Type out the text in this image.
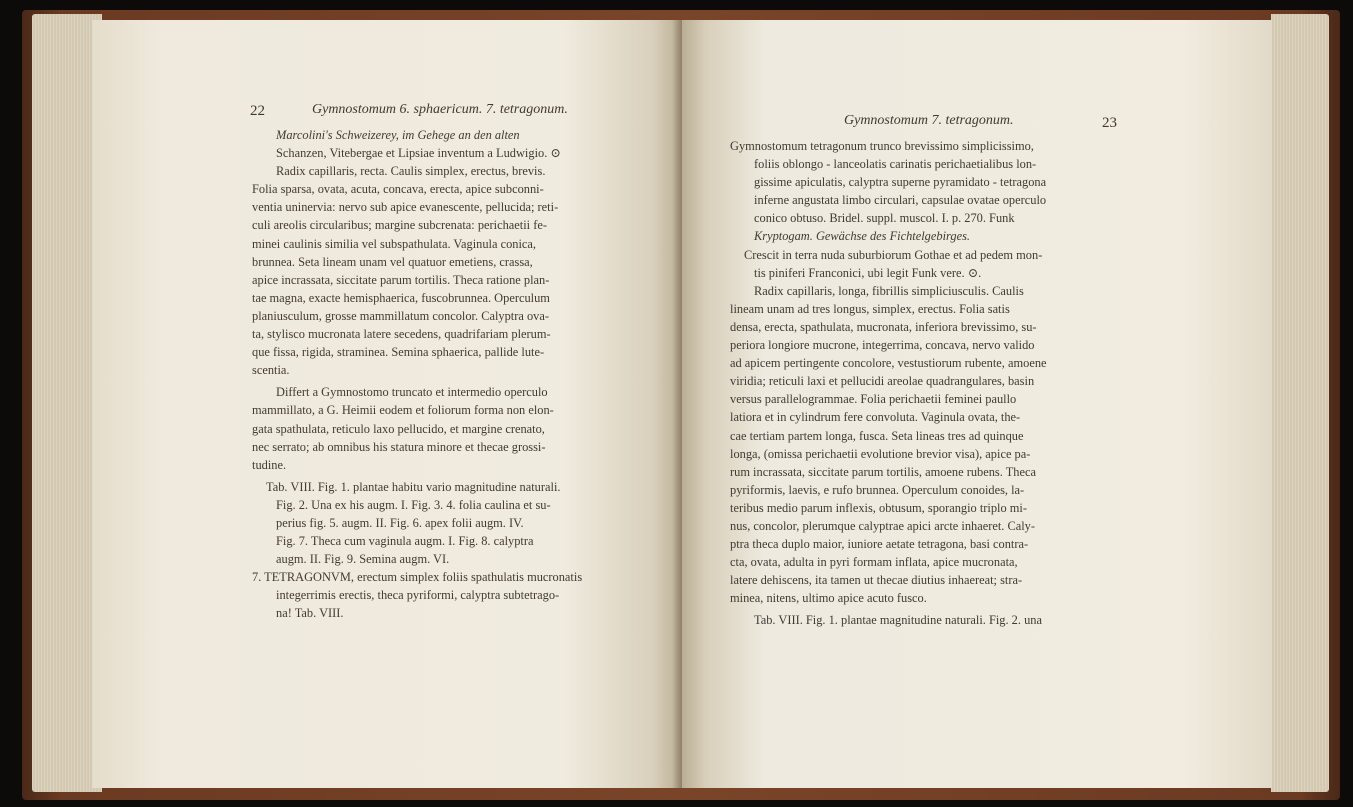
22	Gymnostomum 6. sphaericum. 7. tetragonum.

Marcolini's Schweizerey, im Gehege an den alten

Schanzen, Vitebergae et Lipsiae inventum a Ludwigio. ⊙

Radix capillaris, recta. Caulis simplex, erectus, brevis.

Folia sparsa, ovata, acuta, concava, erecta, apice subconni-

ventia uninervia: nervo sub apice evanescente, pellucida; reti-

culi areolis circularibus; margine subcrenata: perichaetii fe-

minei caulinis similia vel subspathulata. Vaginula conica,

brunnea. Seta lineam unam vel quatuor emetiens, crassa,

apice incrassata, siccitate parum tortilis. Theca ratione plan-

tae magna, exacte hemisphaerica, fuscobrunnea. Operculum

planiusculum, grosse mammillatum concolor. Calyptra ova-

ta, stylisco mucronata latere secedens, quadrifariam plerum-

que fissa, rigida, straminea. Semina sphaerica, pallide lute-

scentia.

Differt a Gymnostomo truncato et intermedio operculo

mammillato, a G. Heimii eodem et foliorum forma non elon-

gata spathulata, reticulo laxo pellucido, et margine crenato,

nec serrato; ab omnibus his statura minore et thecae grossi-

tudine.

Tab. VIII. Fig. 1. plantae habitu vario magnitudine naturali.

Fig. 2. Una ex his augm. I. Fig. 3. 4. folia caulina et su-

perius fig. 5. augm. II. Fig. 6. apex folii augm. IV.

Fig. 7. Theca cum vaginula augm. I. Fig. 8. calyptra

augm. II. Fig. 9. Semina augm. VI.

7. TETRAGONVM, erectum simplex foliis spathulatis mucronatis

integerrimis erectis, theca pyriformi, calyptra subtetrago-

na! Tab. VIII.

Gymnostomum 7. tetragonum.	23

Gymnostomum tetragonum trunco brevissimo simplicissimo,

foliis oblongo - lanceolatis carinatis perichaetialibus lon-

gissime apiculatis, calyptra superne pyramidato - tetragona

inferne angustata limbo circulari, capsulae ovatae operculo

conico obtuso. Bridel. suppl. muscol. I. p. 270. Funk

Kryptogam. Gewächse des Fichtelgebirges.

Crescit in terra nuda suburbiorum Gothae et ad pedem mon-

tis piniferi Franconici, ubi legit Funk vere. ⊙.

Radix capillaris, longa, fibrillis simpliciusculis. Caulis

lineam unam ad tres longus, simplex, erectus. Folia satis

densa, erecta, spathulata, mucronata, inferiora brevissimo, su-

periora longiore mucrone, integerrima, concava, nervo valido

ad apicem pertingente concolore, vestustiorum rubente, amoene

viridia; reticuli laxi et pellucidi areolae quadrangulares, basin

versus parallelogrammae. Folia perichaetii feminei paullo

latiora et in cylindrum fere convoluta. Vaginula ovata, the-

cae tertiam partem longa, fusca. Seta lineas tres ad quinque

longa, (omissa perichaetii evolutione brevior visa), apice pa-

rum incrassata, siccitate parum tortilis, amoene rubens. Theca

pyriformis, laevis, e rufo brunnea. Operculum conoides, la-

teribus medio parum inflexis, obtusum, sporangio triplo mi-

nus, concolor, plerumque calyptrae apici arcte inhaeret. Caly-

ptra theca duplo maior, iuniore aetate tetragona, basi contra-

cta, ovata, adulta in pyri formam inflata, apice mucronata,

latere dehiscens, ita tamen ut thecae diutius inhaereat; stra-

minea, nitens, ultimo apice acuto fusco.

Tab. VIII. Fig. 1. plantae magnitudine naturali. Fig. 2. una
